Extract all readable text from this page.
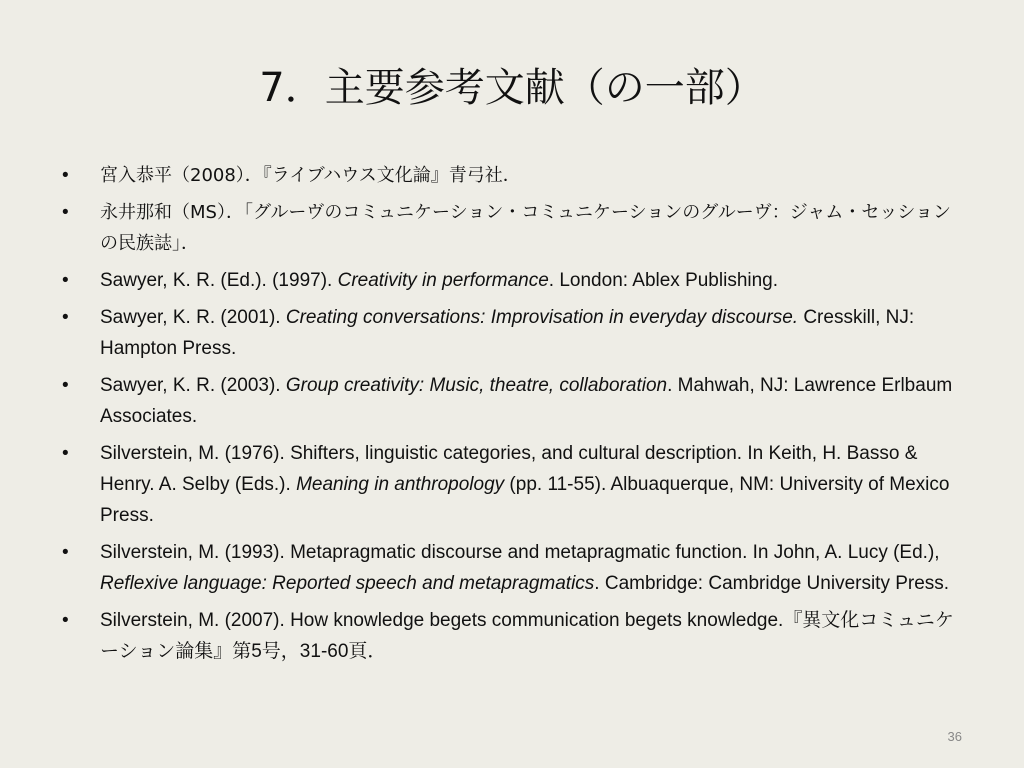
7．主要参考文献（の一部）
• 宮入恭平（2008）．『ライブハウス文化論』青弓社．
• 永井那和（MS）．「グルーヴのコミュニケーション・コミュニケーションのグルーヴ：ジャム・セッションの民族誌」．
• Sawyer, K. R. (Ed.). (1997). Creativity in performance. London: Ablex Publishing.
• Sawyer, K. R. (2001). Creating conversations: Improvisation in everyday discourse. Cresskill, NJ: Hampton Press.
• Sawyer, K. R. (2003). Group creativity: Music, theatre, collaboration. Mahwah, NJ: Lawrence Erlbaum Associates.
• Silverstein, M. (1976). Shifters, linguistic categories, and cultural description. In Keith, H. Basso & Henry. A. Selby (Eds.). Meaning in anthropology (pp. 11-55). Albuaquerque, NM: University of Mexico Press.
• Silverstein, M. (1993). Metapragmatic discourse and metapragmatic function. In John, A. Lucy (Ed.), Reflexive language: Reported speech and metapragmatics. Cambridge: Cambridge University Press.
• Silverstein, M. (2007). How knowledge begets communication begets knowledge.『異文化コミュニケーション論集』第5号，31-60頁．
36
